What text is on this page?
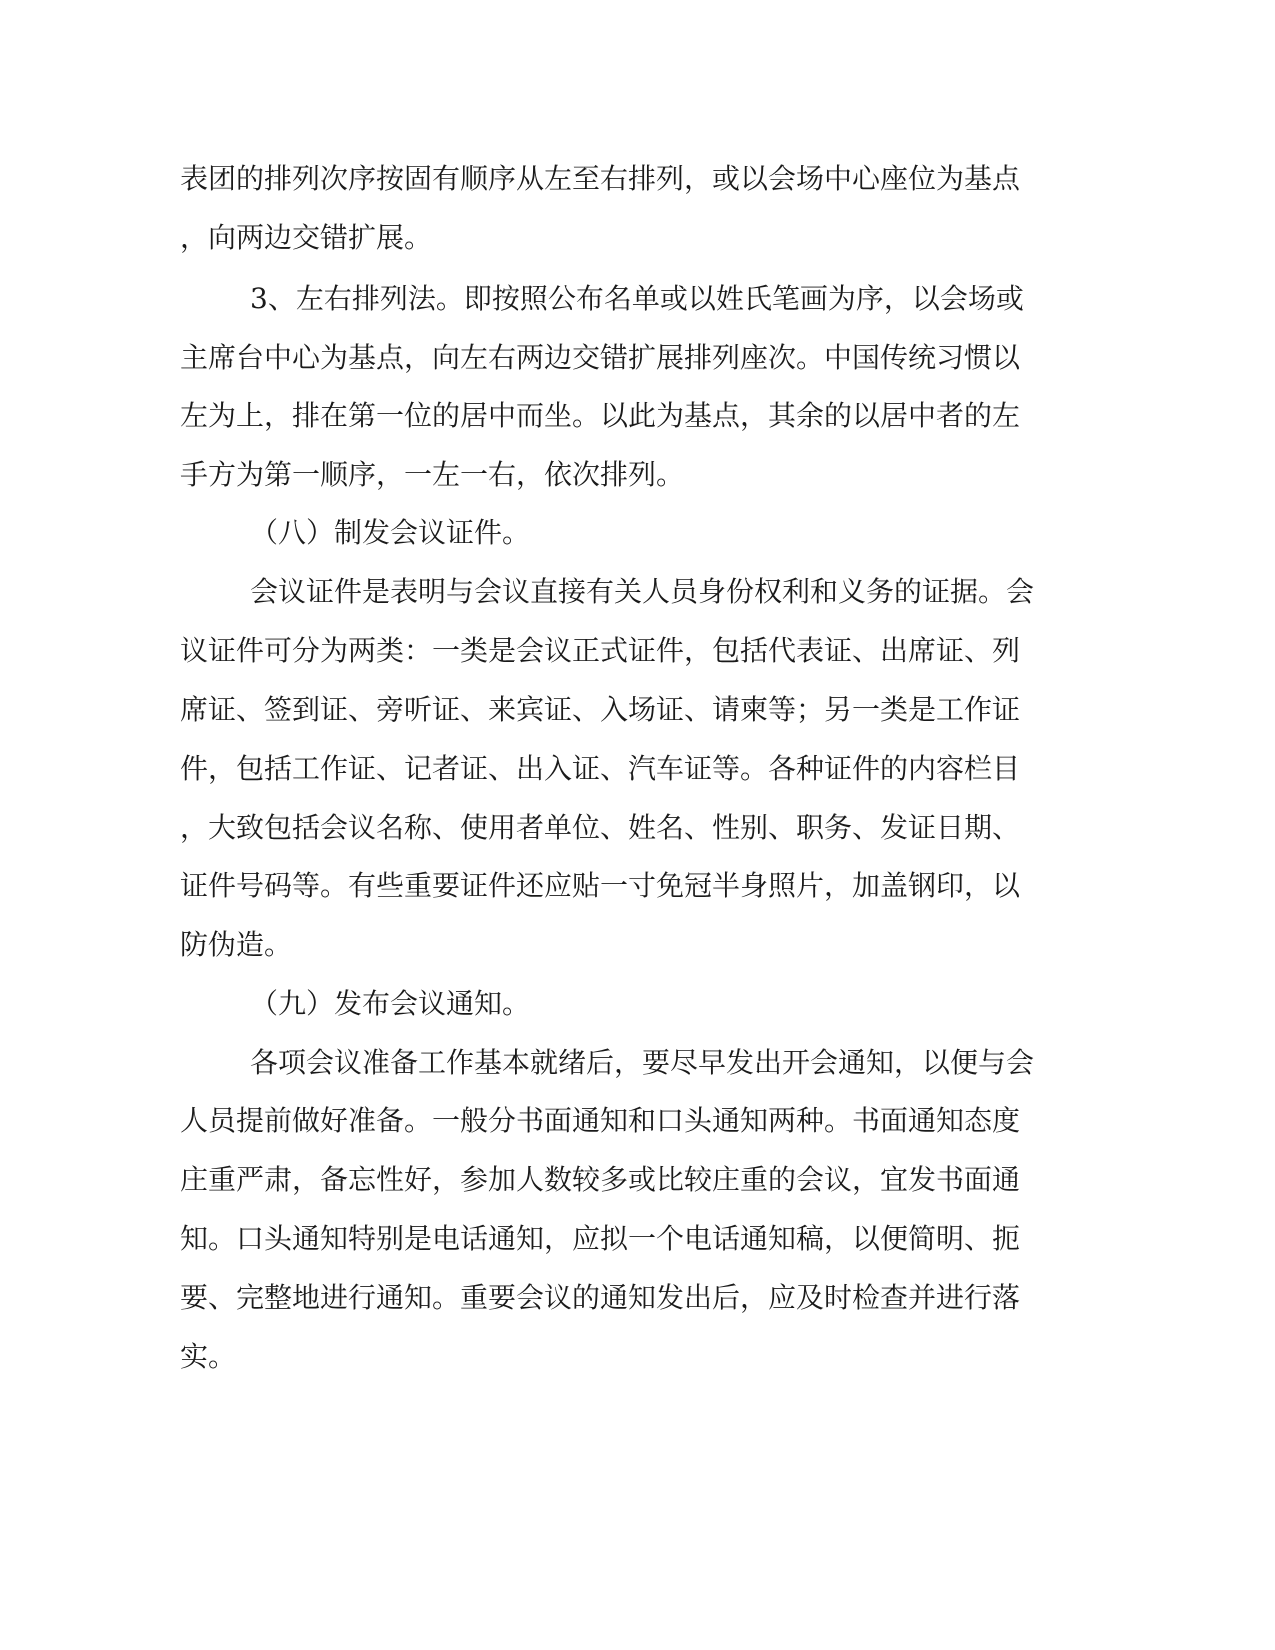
表团的排列次序按固有顺序从左至右排列，或以会场中心座位为基点
，向两边交错扩展。
3、左右排列法。即按照公布名单或以姓氏笔画为序，以会场或
主席台中心为基点，向左右两边交错扩展排列座次。中国传统习惯以
左为上，排在第一位的居中而坐。以此为基点，其余的以居中者的左
手方为第一顺序，一左一右，依次排列。
（八）制发会议证件。
会议证件是表明与会议直接有关人员身份权利和义务的证据。会
议证件可分为两类：一类是会议正式证件，包括代表证、出席证、列
席证、签到证、旁听证、来宾证、入场证、请柬等；另一类是工作证
件，包括工作证、记者证、出入证、汽车证等。各种证件的内容栏目
，大致包括会议名称、使用者单位、姓名、性别、职务、发证日期、
证件号码等。有些重要证件还应贴一寸免冠半身照片，加盖钢印，以
防伪造。
（九）发布会议通知。
各项会议准备工作基本就绪后，要尽早发出开会通知，以便与会
人员提前做好准备。一般分书面通知和口头通知两种。书面通知态度
庄重严肃，备忘性好，参加人数较多或比较庄重的会议，宜发书面通
知。口头通知特别是电话通知，应拟一个电话通知稿，以便简明、扼
要、完整地进行通知。重要会议的通知发出后，应及时检查并进行落
实。
